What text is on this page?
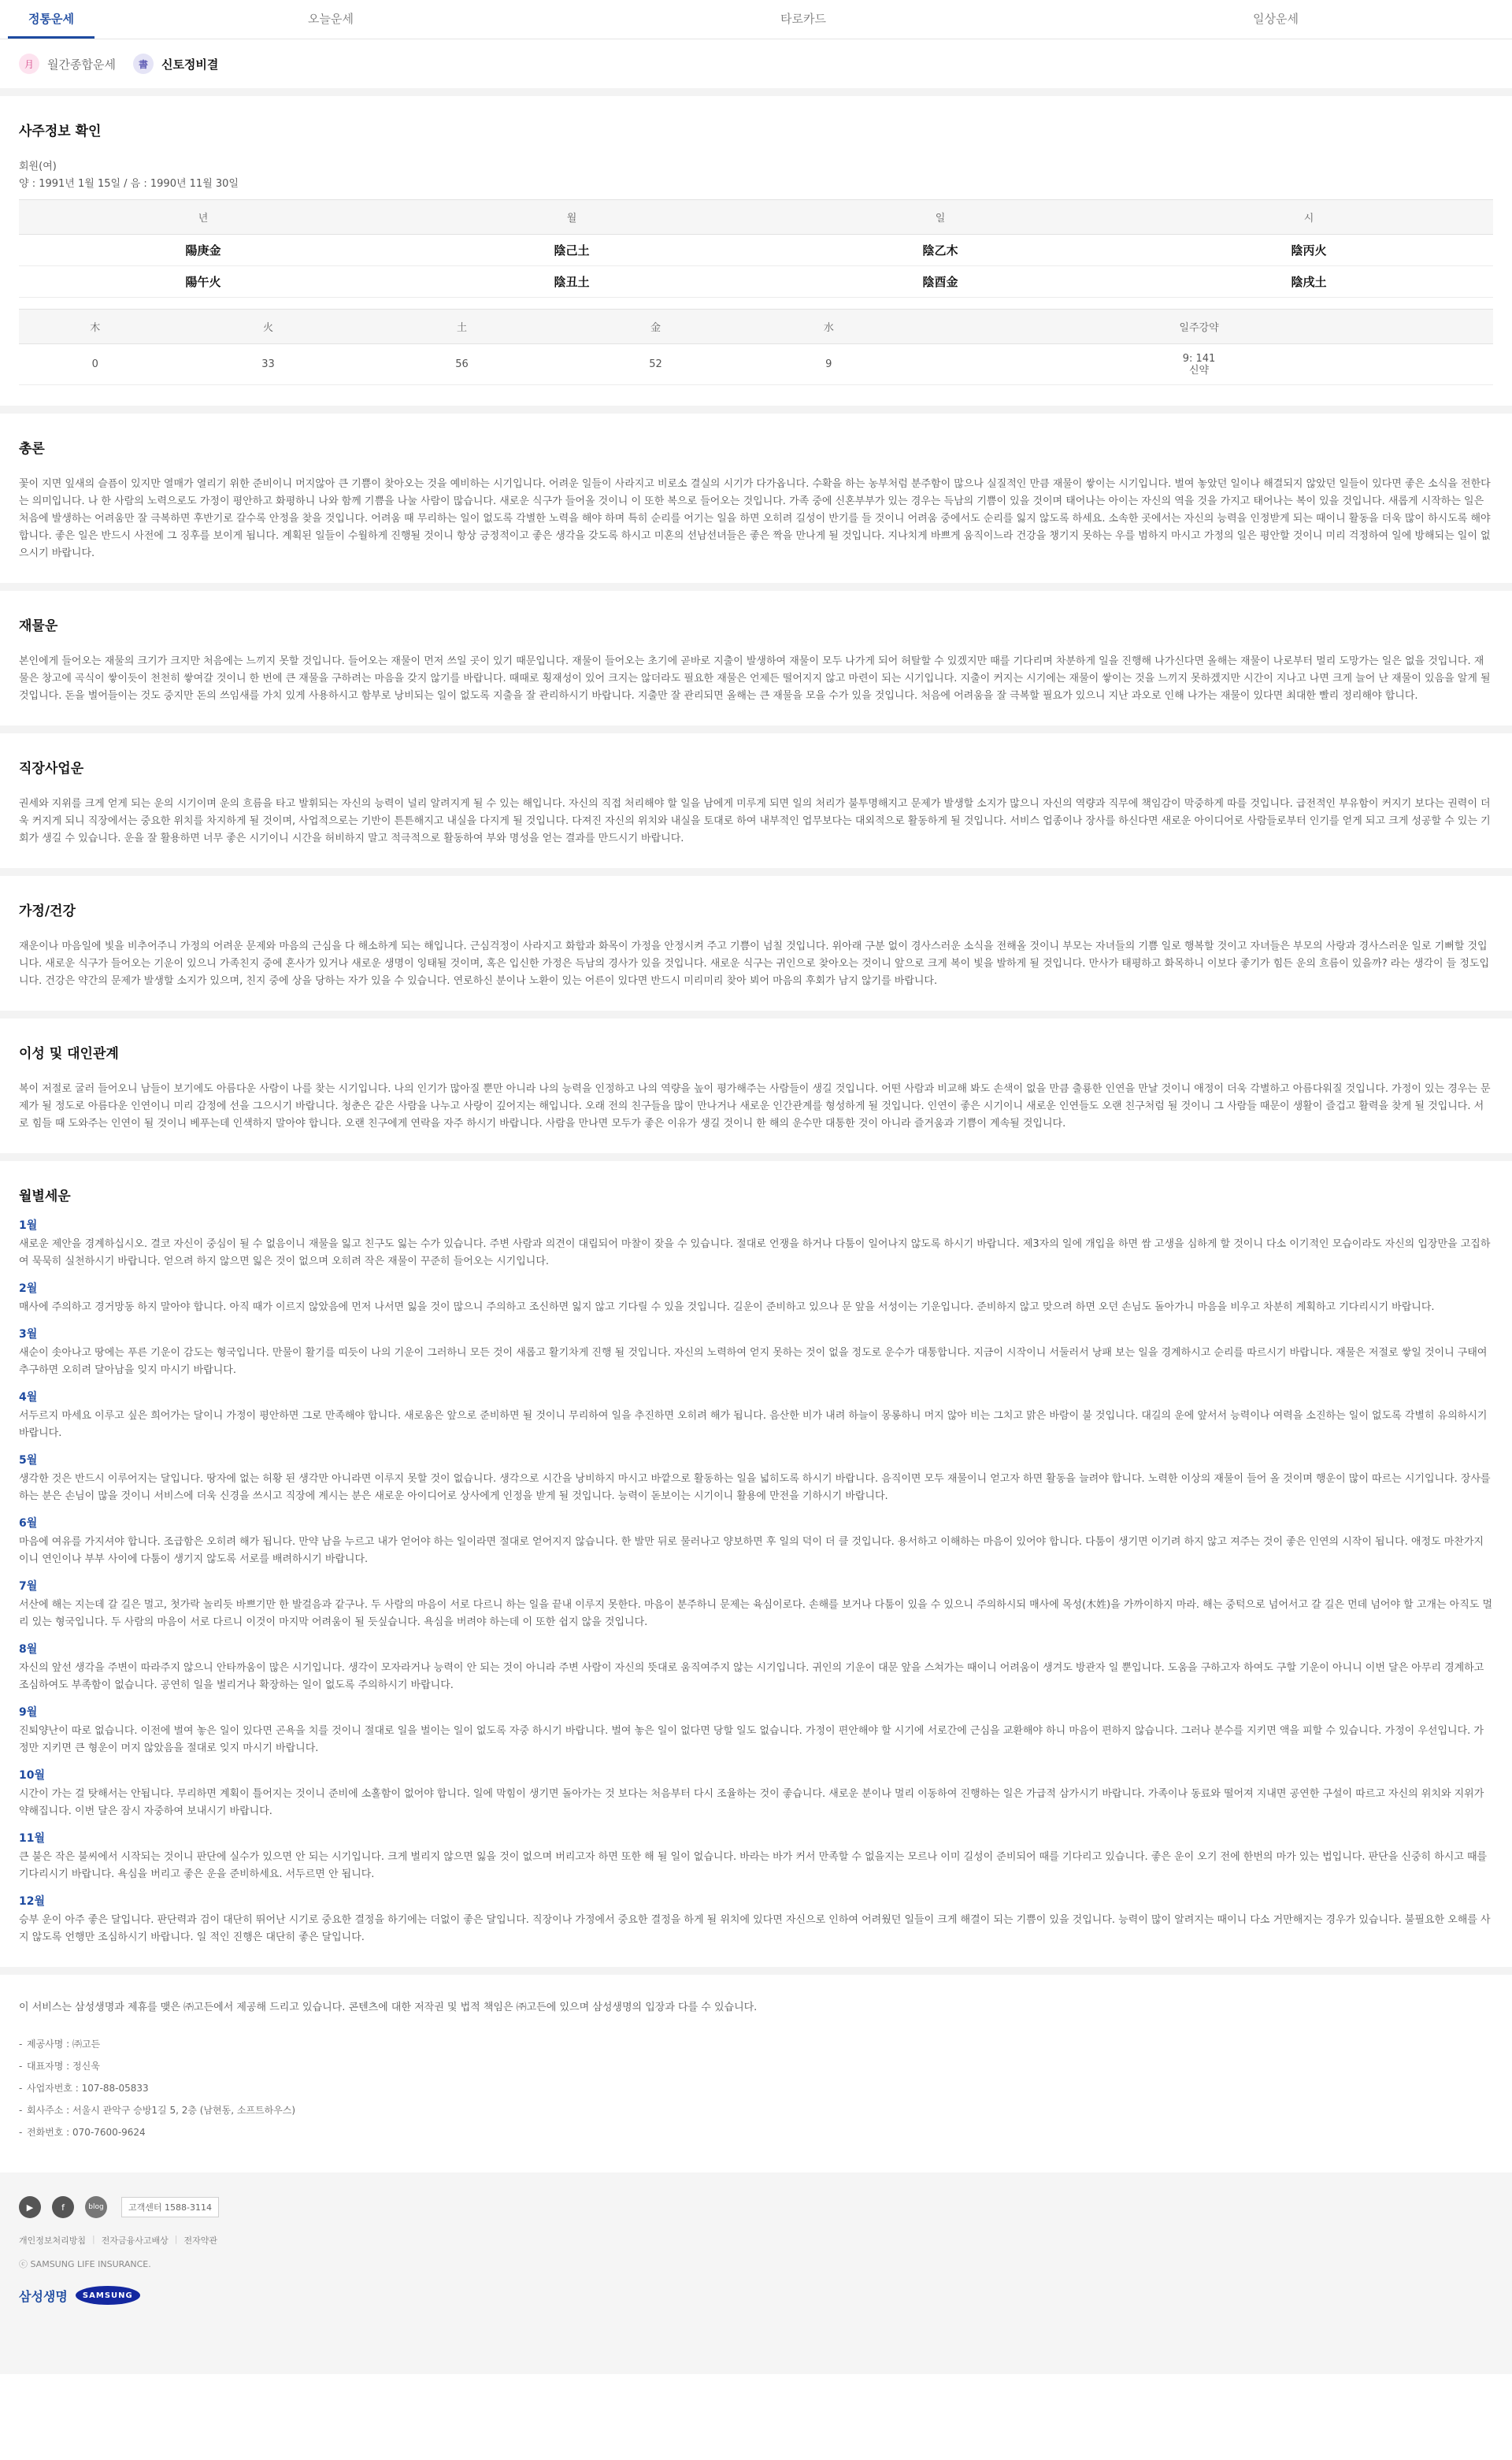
정통운세	오늘운세	타로카드	일상운세
月	월간종합운세	書	신토정비결
사주정보 확인
회원(여)
양 : 1991년 1월 15일 / 음 : 1990년 11월 30일
년	월	일	시
陽庚金	陰己土	陰乙木	陰丙火
陽午火	陰丑土	陰酉金	陰戌土
木	火	土	金	水	일주강약
0	33	56	52	9	9: 141
신약
총론

꽃이 지면 잎새의 슬픔이 있지만 열매가 열리기 위한 준비이니 머지않아 큰 기쁨이 찾아오는 것을 예비하는 시기입니다. 어려운 일들이 사라지고 비로소 결실의 시기가 다가옵니다. 수확을 하는 농부처럼 분주함이 많으나 실질적인 만큼 재물이 쌓이는 시기입니다. 벌여 놓았던 일이나 해결되지 않았던 일들이 있다면 좋은 소식을 전한다는 의미입니다. 나 한 사람의 노력으로도 가정이 평안하고 화평하니 나와 함께 기쁨을 나눌 사람이 많습니다. 새로운 식구가 들어올 것이니 이 또한 복으로 들어오는 것입니다. 가족 중에 신혼부부가 있는 경우는 득남의 기쁨이 있을 것이며 태어나는 아이는 자신의 역을 것을 가지고 태어나는 복이 있을 것입니다. 새롭게 시작하는 일은 처음에 발생하는 어려움만 잘 극복하면 후반기로 갈수록 안정을 찾을 것입니다. 어려움 때 무리하는 일이 없도록 각별한 노력을 해야 하며 특히 순리를 어기는 일을 하면 오히려 길성이 반기를 들 것이니 어려움 중에서도 순리를 잃지 않도록 하세요. 소속한 곳에서는 자신의 능력을 인정받게 되는 때이니 활동을 더욱 많이 하시도록 해야 합니다. 좋은 일은 반드시 사전에 그 징후를 보이게 됩니다. 계획된 일들이 수월하게 진행될 것이니 항상 긍정적이고 좋은 생각을 갖도록 하시고 미혼의 선남선녀들은 좋은 짝을 만나게 될 것입니다. 지나치게 바쁘게 움직이느라 건강을 챙기지 못하는 우를 범하지 마시고 가정의 일은 평안할 것이니 미리 걱정하여 일에 방해되는 일이 없으시기 바랍니다.

재물운

본인에게 들어오는 재물의 크기가 크지만 처음에는 느끼지 못할 것입니다. 들어오는 재물이 먼저 쓰일 곳이 있기 때문입니다. 재물이 들어오는 초기에 곧바로 지출이 발생하여 재물이 모두 나가게 되어 허탈할 수 있겠지만 때를 기다리며 차분하게 일을 진행해 나가신다면 올해는 재물이 나로부터 멀리 도망가는 일은 없을 것입니다. 재물은 창고에 곡식이 쌓이듯이 천천히 쌓여갈 것이니 한 번에 큰 재물을 구하려는 마음을 갖지 않기를 바랍니다. 때때로 횡재성이 있어 크지는 않더라도 필요한 재물은 언제든 떨어지지 않고 마련이 되는 시기입니다. 지출이 커지는 시기에는 재물이 쌓이는 것을 느끼지 못하겠지만 시간이 지나고 나면 크게 늘어 난 재물이 있음을 알게 될 것입니다. 돈을 벌어들이는 것도 중지만 돈의 쓰임새를 가치 있게 사용하시고 함부로 낭비되는 일이 없도록 지출을 잘 관리하시기 바랍니다. 지출만 잘 관리되면 올해는 큰 재물을 모을 수가 있을 것입니다. 처음에 어려움을 잘 극복할 필요가 있으니 지난 과오로 인해 나가는 재물이 있다면 최대한 빨리 정리해야 합니다.

직장사업운

권세와 지위를 크게 얻게 되는 운의 시기이며 운의 흐름을 타고 발휘되는 자신의 능력이 널리 알려지게 될 수 있는 해입니다. 자신의 직접 처리해야 할 일을 남에게 미루게 되면 일의 처리가 불투명해지고 문제가 발생할 소지가 많으니 자신의 역량과 직무에 책임감이 막중하게 따를 것입니다. 급전적인 부유함이 커지기 보다는 권력이 더욱 커지게 되니 직장에서는 중요한 위치를 차지하게 될 것이며, 사업적으로는 기반이 튼튼해지고 내실을 다지게 될 것입니다. 다져진 자신의 위치와 내실을 토대로 하여 내부적인 업무보다는 대외적으로 활동하게 될 것입니다. 서비스 업종이나 장사를 하신다면 새로운 아이디어로 사람들로부터 인기를 얻게 되고 크게 성공할 수 있는 기회가 생길 수 있습니다. 운을 잘 활용하면 너무 좋은 시기이니 시간을 허비하지 말고 적극적으로 활동하여 부와 명성을 얻는 결과를 만드시기 바랍니다.

가정/건강

재운이나 마음일에 빛을 비추어주니 가정의 어려운 문제와 마음의 근심을 다 해소하게 되는 해입니다. 근심걱정이 사라지고 화합과 화목이 가정을 안정시켜 주고 기쁨이 넘칠 것입니다. 위아래 구분 없이 경사스러운 소식을 전해올 것이니 부모는 자녀들의 기쁨 일로 행복할 것이고 자녀들은 부모의 사랑과 경사스러운 일로 기뻐할 것입니다. 새로운 식구가 들어오는 기운이 있으니 가족친지 중에 혼사가 있거나 새로운 생명이 잉태될 것이며, 혹은 입신한 가정은 득남의 경사가 있을 것입니다. 새로운 식구는 귀인으로 찾아오는 것이니 앞으로 크게 복이 빛을 발하게 될 것입니다. 만사가 태평하고 화목하니 이보다 좋기가 힘든 운의 흐름이 있을까? 라는 생각이 들 정도입니다. 건강은 약간의 문제가 발생할 소지가 있으며, 친지 중에 상을 당하는 자가 있을 수 있습니다. 연로하신 분이나 노환이 있는 어른이 있다면 반드시 미리미리 찾아 뵈어 마음의 후회가 남지 않기를 바랍니다.

이성 및 대인관계

복이 저절로 굴러 들어오니 남들이 보기에도 아름다운 사람이 나를 찾는 시기입니다. 나의 인기가 많아질 뿐만 아니라 나의 능력을 인정하고 나의 역량을 높이 평가해주는 사람들이 생길 것입니다. 어떤 사람과 비교해 봐도 손색이 없을 만큼 출룡한 인연을 만날 것이니 애정이 더욱 각별하고 아름다워질 것입니다. 가정이 있는 경우는 문제가 될 정도로 아름다운 인연이니 미리 감정에 선을 그으시기 바랍니다. 청춘은 같은 사람을 나누고 사랑이 깊어지는 해입니다. 오래 전의 친구들을 많이 만나거나 새로운 인간관계를 형성하게 될 것입니다. 인연이 좋은 시기이니 새로운 인연들도 오랜 친구처럼 될 것이니 그 사람들 때문이 생활이 즐겁고 활력을 찾게 될 것입니다. 서로 힘들 때 도와주는 인연이 될 것이니 베푸는데 인색하지 말아야 합니다. 오랜 친구에게 연락을 자주 하시기 바랍니다. 사람을 만나면 모두가 좋은 이유가 생길 것이니 한 해의 운수만 대통한 것이 아니라 즐거움과 기쁨이 계속될 것입니다.

월별세운
1월

새로운 제안을 경계하십시오. 결코 자신이 중심이 될 수 없음이니 재물을 잃고 친구도 잃는 수가 있습니다. 주변 사람과 의견이 대립되어 마찰이 잦을 수 있습니다. 절대로 언쟁을 하거나 다툼이 일어나지 않도록 하시기 바랍니다. 제3자의 일에 개입을 하면 쌈 고생을 심하게 할 것이니 다소 이기적인 모습이라도 자신의 입장만을 고집하여 묵묵히 실천하시기 바랍니다. 얻으려 하지 않으면 잃은 것이 없으며 오히려 작은 재물이 꾸준히 들어오는 시기입니다.

2월

매사에 주의하고 경거망동 하지 말아야 합니다. 아직 때가 이르지 않았음에 먼저 나서면 잃을 것이 많으니 주의하고 조신하면 잃지 않고 기다릴 수 있을 것입니다. 길운이 준비하고 있으나 문 앞을 서성이는 기운입니다. 준비하지 않고 맞으려 하면 오던 손님도 돌아가니 마음을 비우고 차분히 계획하고 기다리시기 바랍니다.

3월

새순이 솟아나고 땅에는 푸른 기운이 감도는 형국입니다. 만물이 활기를 띠듯이 나의 기운이 그러하니 모든 것이 새롭고 활기차게 진행 될 것입니다. 자신의 노력하여 얻지 못하는 것이 없을 정도로 운수가 대통합니다. 지금이 시작이니 서둘러서 낭패 보는 일을 경계하시고 순리를 따르시기 바랍니다. 재물은 저절로 쌓일 것이니 구태여 추구하면 오히려 달아남을 잊지 마시기 바랍니다.

4월

서두르지 마세요 이루고 싶은 희어가는 달이니 가정이 평안하면 그로 만족해야 합니다. 새로움은 앞으로 준비하면 될 것이니 무리하여 일을 추진하면 오히려 해가 됩니다. 음산한 비가 내려 하늘이 몽롱하니 머지 않아 비는 그치고 맑은 바람이 불 것입니다. 대길의 운에 앞서서 능력이나 여력을 소진하는 일이 없도록 각별히 유의하시기 바랍니다.

5월

생각한 것은 반드시 이루어지는 달입니다. 땅자에 없는 허황 된 생각만 아니라면 이루지 못할 것이 없습니다. 생각으로 시간을 낭비하지 마시고 바깥으로 활동하는 일을 넓히도록 하시기 바랍니다. 음직이면 모두 재물이니 얻고자 하면 활동을 늘려야 합니다. 노력한 이상의 재물이 들어 올 것이며 행운이 많이 따르는 시기입니다. 장사를 하는 분은 손님이 많을 것이니 서비스에 더욱 신경을 쓰시고 직장에 계시는 분은 새로운 아이디어로 상사에게 인정을 받게 될 것입니다. 능력이 돋보이는 시기이니 활용에 만전을 기하시기 바랍니다.

6월

마음에 여유를 가지셔야 합니다. 조급함은 오히려 해가 됩니다. 만약 남을 누르고 내가 얻어야 하는 일이라면 절대로 얻어지지 않습니다. 한 발만 뒤로 물러나고 양보하면 후 일의 덕이 더 클 것입니다. 용서하고 이해하는 마음이 있어야 합니다. 다툼이 생기면 이기려 하지 않고 져주는 것이 좋은 인연의 시작이 됩니다. 애정도 마찬가지이니 연인이나 부부 사이에 다툼이 생기지 않도록 서로를 배려하시기 바랍니다.

7월

서산에 해는 지는데 갈 길은 멀고, 첫가락 놀리듯 바쁘기만 한 발걸음과 같구나. 두 사람의 마음이 서로 다르니 하는 일을 끝내 이루지 못한다. 마음이 분주하니 문제는 육심이로다. 손해를 보거나 다툼이 있을 수 있으니 주의하시되 매사에 목성(木姓)을 가까이하지 마라. 해는 중턱으로 넘어서고 갈 길은 먼데 넘어야 할 고개는 아직도 멀리 있는 형국입니다. 두 사람의 마음이 서로 다르니 이것이 마지막 어려움이 될 듯싶습니다. 욕심을 버려야 하는데 이 또한 쉽지 않을 것입니다.

8월

자신의 앞선 생각을 주변이 따라주지 않으니 안타까움이 많은 시기입니다. 생각이 모자라거나 능력이 안 되는 것이 아니라 주변 사람이 자신의 뜻대로 움직여주지 않는 시기입니다. 귀인의 기운이 대문 앞을 스쳐가는 때이니 어려움이 생겨도 방관자 일 뿐입니다. 도움을 구하고자 하여도 구할 기운이 아니니 이번 달은 아무리 경계하고 조심하여도 부족함이 없습니다. 공연히 일을 벌리거나 확장하는 일이 없도록 주의하시기 바랍니다.

9월

진퇴양난이 따로 없습니다. 이전에 벌여 놓은 일이 있다면 곤욕을 치를 것이니 절대로 일을 벌이는 일이 없도록 자중 하시기 바랍니다. 벌여 놓은 일이 없다면 당할 일도 없습니다. 가정이 편안해야 할 시기에 서로간에 근심을 교환해야 하니 마음이 편하지 않습니다. 그러나 분수를 지키면 액을 피할 수 있습니다. 가정이 우선입니다. 가정만 지키면 큰 형운이 머지 않았음을 절대로 잊지 마시기 바랍니다.

10월

시간이 가는 걸 탓해서는 안됩니다. 무리하면 계획이 틀어지는 것이니 준비에 소홀함이 없어야 합니다. 일에 막힘이 생기면 돌아가는 것 보다는 처음부터 다시 조율하는 것이 좋습니다. 새로운 분이나 멀리 이동하여 진행하는 일은 가급적 삼가시기 바랍니다. 가족이나 동료와 떨어져 지내면 공연한 구설이 따르고 자신의 위치와 지위가 약해집니다. 이번 달은 잠시 자중하여 보내시기 바랍니다.

11월

큰 불은 작은 불씨에서 시작되는 것이니 판단에 실수가 있으면 안 되는 시기입니다. 크게 벌리지 않으면 잃을 것이 없으며 버리고자 하면 또한 해 될 일이 없습니다. 바라는 바가 커서 만족할 수 없을지는 모르나 이미 길성이 준비되어 때를 기다리고 있습니다. 좋은 운이 오기 전에 한번의 마가 있는 법입니다. 판단을 신중히 하시고 때를 기다리시기 바랍니다. 욕심을 버리고 좋은 운을 준비하세요. 서두르면 안 됩니다.

12월

승부 운이 아주 좋은 달입니다. 판단력과 검이 대단히 뛰어난 시기로 중요한 결정을 하기에는 더없이 좋은 달입니다. 직장이나 가정에서 중요한 결정을 하게 될 위치에 있다면 자신으로 인하여 어려웠던 일들이 크게 해결이 되는 기쁨이 있을 것입니다. 능력이 많이 알려지는 때이니 다소 거만해지는 경우가 있습니다. 불필요한 오해를 사지 않도록 언행만 조심하시기 바랍니다. 일 적인 진행은 대단히 좋은 달입니다.

이 서비스는 삼성생명과 제휴를 맺은 ㈜고든에서 제공해 드리고 있습니다. 콘텐츠에 대한 저작권 및 법적 책임은 ㈜고든에 있으며 삼성생명의 입장과 다를 수 있습니다.
- 제공사명 : ㈜고든
- 대표자명 : 정신욱
- 사업자번호 : 107-88-05833
- 회사주소 : 서울시 관악구 승방1길 5, 2층 (남현동, 소프트하우스)
- 전화번호 : 070-7600-9624
▶	f	blog	고객센터 1588-3114
개인정보처리방침 | 전자금융사고배상 | 전자약관
ⓒ SAMSUNG LIFE INSURANCE.
삼성생명	SAMSUNG
